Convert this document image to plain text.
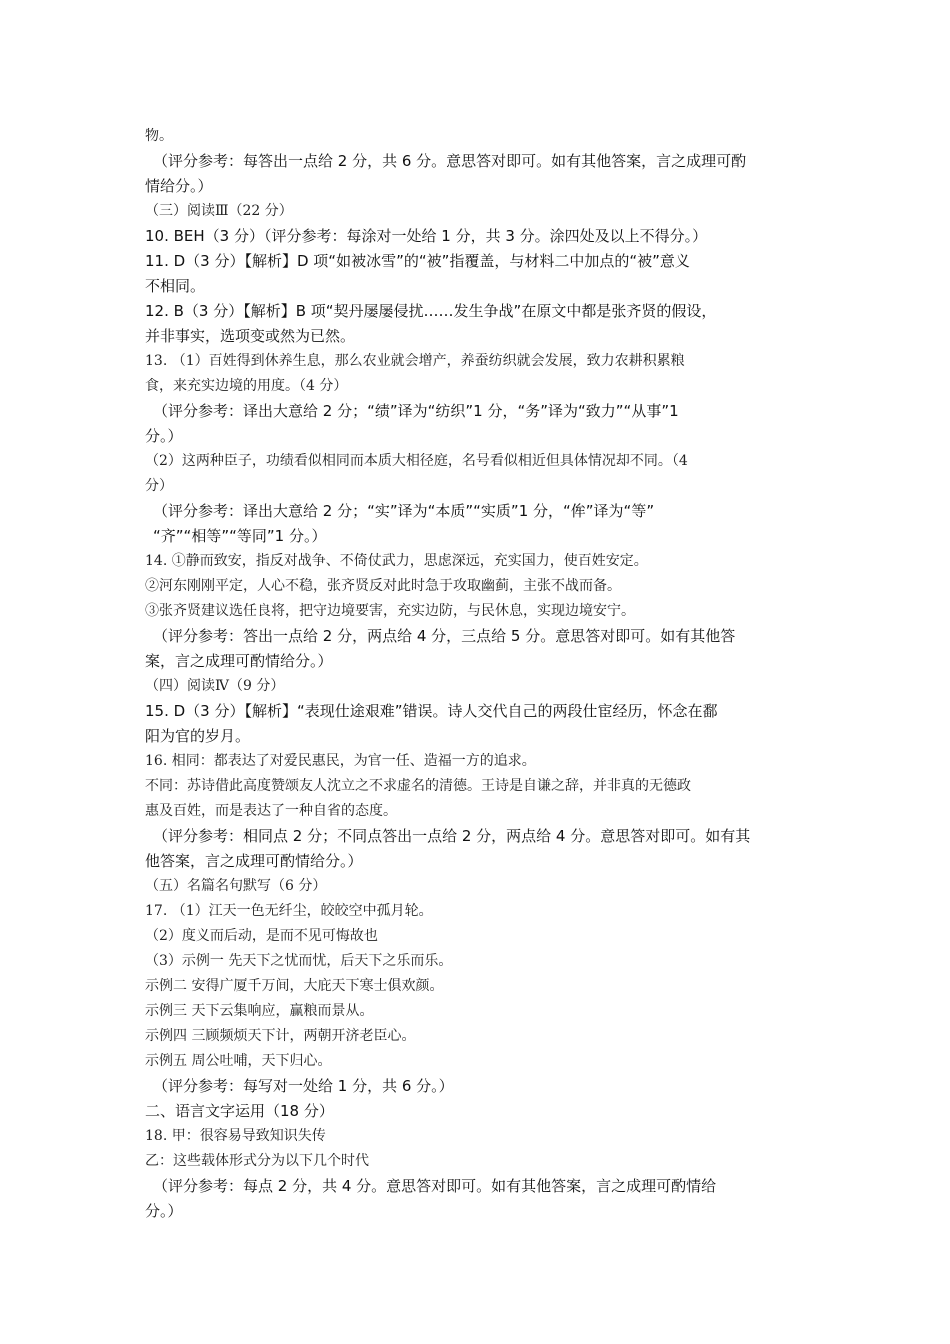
物。
（评分参考：每答出一点给 2 分，共 6 分。意思答对即可。如有其他答案，言之成理可酌
情给分。）
（三）阅读Ⅲ（22 分）
10. BEH（3 分）（评分参考：每涂对一处给 1 分，共 3 分。涂四处及以上不得分。）
11. D（3 分）【解析】D 项“如被冰雪”的“被”指覆盖，与材料二中加点的“被”意义
不相同。
12. B（3 分）【解析】B 项“契丹屡屡侵扰……发生争战”在原文中都是张齐贤的假设，
并非事实，选项变或然为已然。
13. （1）百姓得到休养生息，那么农业就会增产，养蚕纺织就会发展，致力农耕积累粮
食，来充实边境的用度。（4 分）
（评分参考：译出大意给 2 分；“绩”译为“纺织”1 分，“务”译为“致力”“从事”1
分。）
（2）这两种臣子，功绩看似相同而本质大相径庭，名号看似相近但具体情况却不同。（4
分）
（评分参考：译出大意给 2 分；“实”译为“本质”“实质”1 分，“侔”译为“等”
“齐”“相等”“等同”1 分。）
14. ①静而致安，指反对战争、不倚仗武力，思虑深远，充实国力，使百姓安定。
②河东刚刚平定，人心不稳，张齐贤反对此时急于攻取幽蓟，主张不战而备。
③张齐贤建议选任良将，把守边境要害，充实边防，与民休息，实现边境安宁。
（评分参考：答出一点给 2 分，两点给 4 分，三点给 5 分。意思答对即可。如有其他答
案，言之成理可酌情给分。）
（四）阅读Ⅳ（9 分）
15. D（3 分）【解析】“表现仕途艰难”错误。诗人交代自己的两段仕宦经历，怀念在鄱
阳为官的岁月。
16. 相同：都表达了对爱民惠民，为官一任、造福一方的追求。
不同：苏诗借此高度赞颂友人沈立之不求虚名的清德。王诗是自谦之辞，并非真的无德政
惠及百姓，而是表达了一种自省的态度。
（评分参考：相同点 2 分；不同点答出一点给 2 分，两点给 4 分。意思答对即可。如有其
他答案，言之成理可酌情给分。）
（五）名篇名句默写（6 分）
17. （1）江天一色无纤尘，皎皎空中孤月轮。
（2）度义而后动，是而不见可悔故也
（3）示例一 先天下之忧而忧，后天下之乐而乐。
示例二 安得广厦千万间，大庇天下寒士俱欢颜。
示例三 天下云集响应，赢粮而景从。
示例四 三顾频烦天下计，两朝开济老臣心。
示例五 周公吐哺，天下归心。
（评分参考：每写对一处给 1 分，共 6 分。）
二、语言文字运用（18 分）
18. 甲：很容易导致知识失传
乙：这些载体形式分为以下几个时代
（评分参考：每点 2 分，共 4 分。意思答对即可。如有其他答案，言之成理可酌情给
分。）
